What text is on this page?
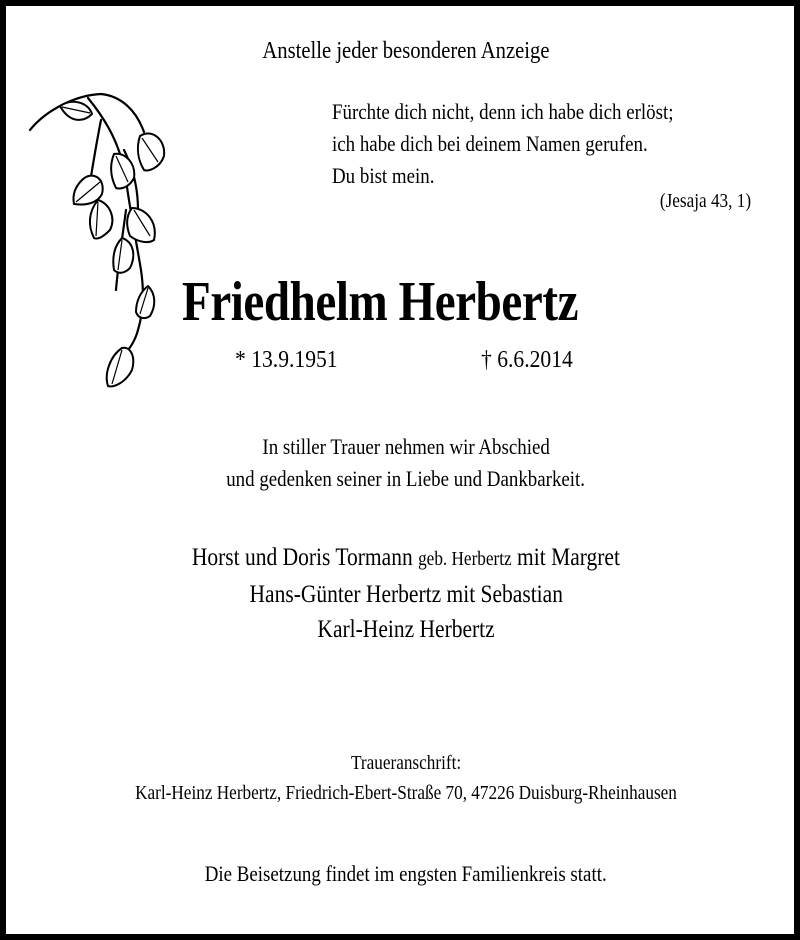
Anstelle jeder besonderen Anzeige
Fürchte dich nicht, denn ich habe dich erlöst;
ich habe dich bei deinem Namen gerufen.
Du bist mein.
(Jesaja 43, 1)
Friedhelm Herbertz
* 13.9.1951	† 6.6.2014
In stiller Trauer nehmen wir Abschied
und gedenken seiner in Liebe und Dankbarkeit.
Horst und Doris Tormann geb. Herbertz mit Margret
Hans-Günter Herbertz mit Sebastian
Karl-Heinz Herbertz
Traueranschrift:
Karl-Heinz Herbertz, Friedrich-Ebert-Straße 70, 47226 Duisburg-Rheinhausen
Die Beisetzung findet im engsten Familienkreis statt.
